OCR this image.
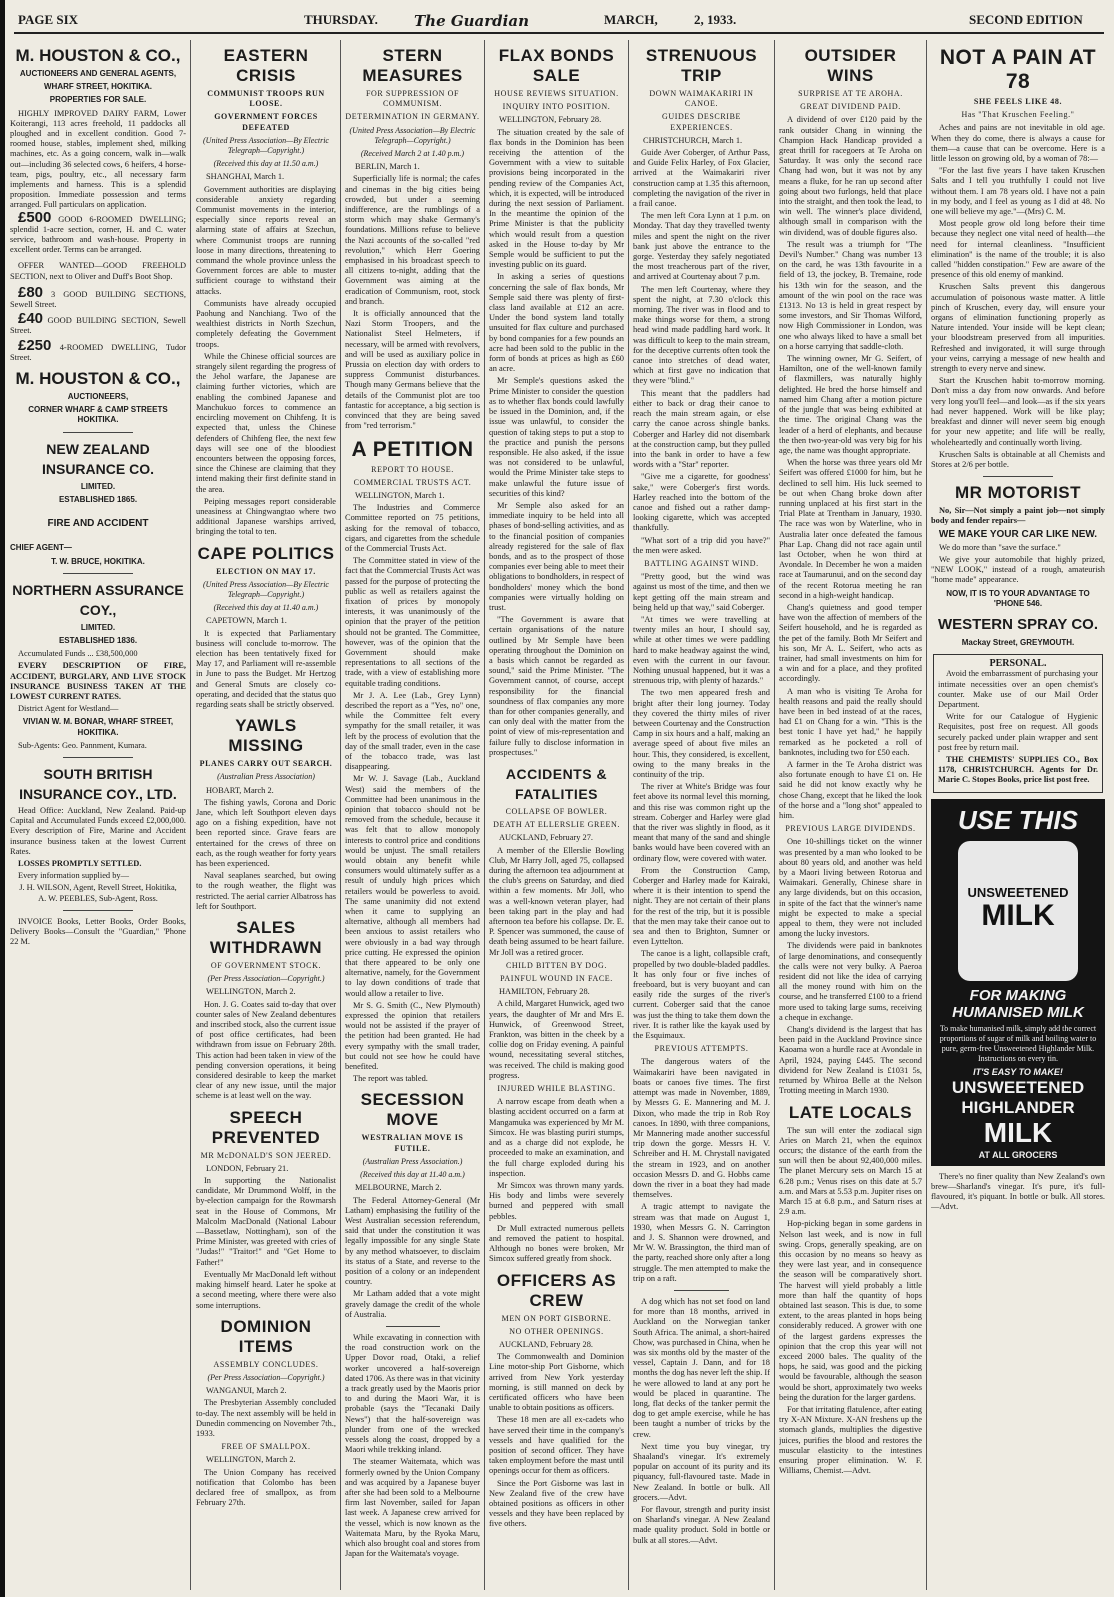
PAGE SIX	THURSDAY. The Guardian	MARCH,	2, 1933.	SECOND EDITION
M. HOUSTON & CO.,
AUCTIONEERS AND GENERAL AGENTS,
WHARF STREET, HOKITIKA.
PROPERTIES FOR SALE.
HIGHLY IMPROVED DAIRY FARM, Lower Koiterangi, 113 acres freehold, 11 paddocks all ploughed and in excellent condition. Good 7-roomed house, stables, implement shed, milking machines, etc. As a going concern, walk in—walk out—including 36 selected cows, 6 heifers, 4 horse-team, pigs, poultry, etc., all necessary farm implements and harness. This is a splendid proposition. Immediate possession and terms arranged. Full particulars on application.
£500 GOOD 6-ROOMED DWELLING; splendid 1-acre section, corner, H. and C. water service, bathroom and wash-house. Property in excellent order. Terms can be arranged.
OFFER WANTED—GOOD FREEHOLD SECTION, next to Oliver and Duff's Boot Shop.
£80 3 GOOD BUILDING SECTIONS, Sewell Street.
£40 GOOD BUILDING SECTION, Sewell Street.
£250 4-ROOMED DWELLING, Tudor Street.
M. HOUSTON & CO.,
AUCTIONEERS,
CORNER WHARF & CAMP STREETS HOKITIKA.
NEW ZEALAND INSURANCE CO.
LIMITED.
ESTABLISHED 1865.
FIRE AND ACCIDENT
CHIEF AGENT—
T. W. BRUCE, HOKITIKA.
NORTHERN ASSURANCE COY.,
LIMITED.
ESTABLISHED 1836.
Accumulated Funds ... £38,500,000
EVERY DESCRIPTION OF FIRE, ACCIDENT, BURGLARY, AND LIVE STOCK INSURANCE BUSINESS TAKEN AT THE LOWEST CURRENT RATES.
District Agent for Westland—
VIVIAN W. M. BONAR, WHARF STREET, HOKITIKA.
Sub-Agents: Geo. Pannment, Kumara.
SOUTH BRITISH INSURANCE COY., LTD.
Head Office: Auckland, New Zealand. Paid-up Capital and Accumulated Funds exceed £2,000,000. Every description of Fire, Marine and Accident insurance business taken at the lowest Current Rates.
LOSSES PROMPTLY SETTLED.
Every information supplied by—
J. H. WILSON, Agent, Revell Street, Hokitika,
A. W. PEEBLES, Sub-Agent, Ross.
INVOICE Books, Letter Books, Order Books, Delivery Books—Consult the "Guardian," 'Phone 22 M.
EASTERN CRISIS
COMMUNIST TROOPS RUN LOOSE.
GOVERNMENT FORCES DEFEATED
(United Press Association—By Electric Telegraph—Copyright.)
(Received this day at 11.50 a.m.)
SHANGHAI, March 1.
Government authorities are displaying considerable anxiety regarding Communist movements in the interior, especially since reports reveal an alarming state of affairs at Szechun, where Communist troops are running loose in many directions, threatening to command the whole province unless the Government forces are able to muster sufficient courage to withstand their attacks.
Communists have already occupied Paohung and Nanchiang. Two of the wealthiest districts in North Szechun, completely defeating the Government troops.
While the Chinese official sources are strangely silent regarding the progress of the Jehol warfare, the Japanese are claiming further victories, which are enabling the combined Japanese and Manchukuo forces to commence an encircling movement on Chihfeng. It is expected that, unless the Chinese defenders of Chihfeng flee, the next few days will see one of the bloodiest encounters between the opposing forces, since the Chinese are claiming that they intend making their first definite stand in the area.
Peiping messages report considerable uneasiness at Chingwangtao where two additional Japanese warships arrived, bringing the total to ten.
CAPE POLITICS
ELECTION ON MAY 17.
(United Press Association—By Electric Telegraph—Copyright.)
(Received this day at 11.40 a.m.)
CAPETOWN, March 1.
It is expected that Parliamentary business will conclude to-morrow. The election has been tentatively fixed for May 17, and Parliament will re-assemble in June to pass the Budget. Mr Hertzog and General Smuts are closely co-operating, and decided that the status quo regarding seats shall be strictly observed.
YAWLS MISSING
PLANES CARRY OUT SEARCH.
(Australian Press Association)
HOBART, March 2.
The fishing yawls, Corona and Doric Jane, which left Southport eleven days ago on a fishing expedition, have not been reported since. Grave fears are entertained for the crews of three on each, as the rough weather for forty years has been experienced.
Naval seaplanes searched, but owing to the rough weather, the flight was restricted. The aerial carrier Albatross has left for Southport.
SALES WITHDRAWN
OF GOVERNMENT STOCK.
(Per Press Association—Copyright.)
WELLINGTON, March 2.
Hon. J. G. Coates said to-day that over counter sales of New Zealand debentures and inscribed stock, also the current issue of post office certificates, had been withdrawn from issue on February 28th. This action had been taken in view of the pending conversion operations, it being considered desirable to keep the market clear of any new issue, until the major scheme is at least well on the way.
SPEECH PREVENTED
MR McDONALD'S SON JEERED.
LONDON, February 21.
In supporting the Nationalist candidate, Mr Drummond Wolff, in the by-election campaign for the Rowmarsh seat in the House of Commons, Mr Malcolm MacDonald (National Labour—Bassetlaw, Nottingham), son of the Prime Minister, was greeted with cries of "Judas!" "Traitor!" and "Get Home to Father!"
Eventually Mr MacDonald left without making himself heard. Later he spoke at a second meeting, where there were also some interruptions.
DOMINION ITEMS
ASSEMBLY CONCLUDES.
(Per Press Association—Copyright.)
WANGANUI, March 2.
The Presbyterian Assembly concluded to-day. The next assembly will be held in Dunedin commencing on November 7th., 1933.
FREE OF SMALLPOX.
WELLINGTON, March 2.
The Union Company has received notification that Colombo has been declared free of smallpox, as from February 27th.
STERN MEASURES
FOR SUPPRESSION OF COMMUNISM.
DETERMINATION IN GERMANY.
(United Press Association—By Electric Telegraph—Copyright.)
(Received March 2 at 1.40 p.m.)
BERLIN, March 1.
Superficially life is normal; the cafes and cinemas in the big cities being crowded, but under a seeming indifference, are the rumblings of a storm which may shake Germany's foundations. Millions refuse to believe the Nazi accounts of the so-called "red revolution," which Herr Goering emphasised in his broadcast speech to all citizens to-night, adding that the Government was aiming at the eradication of Communism, root, stock and branch.
It is officially announced that the Nazi Storm Troopers, and the Nationalist Steel Helmeters, if necessary, will be armed with revolvers, and will be used as auxiliary police in Prussia on election day with orders to suppress Communist disturbances. Though many Germans believe that the details of the Communist plot are too fantastic for acceptance, a big section is convinced that they are being saved from "red terrorism."
A PETITION
REPORT TO HOUSE.
COMMERCIAL TRUSTS ACT.
WELLINGTON, March 1.
The Industries and Commerce Committee reported on 75 petitions, asking for the removal of tobacco, cigars, and cigarettes from the schedule of the Commercial Trusts Act.
The Committee stated in view of the fact that the Commercial Trusts Act was passed for the purpose of protecting the public as well as retailers against the fixation of prices by monopoly interests, it was unanimously of the opinion that the prayer of the petition should not be granted. The Committee, however, was of the opinion that the Government should make representations to all sections of the trade, with a view of establishing more equitable trading conditions.
Mr J. A. Lee (Lab., Grey Lynn) described the report as a "Yes, no" one, while the Committee felt every sympathy for the small retailer, it was left by the process of evolution that the day of the small trader, even in the case of the tobacco trade, was last disappearing.
Mr W. J. Savage (Lab., Auckland West) said the members of the Committee had been unanimous in the opinion that tobacco should not be removed from the schedule, because it was felt that to allow monopoly interests to control price and conditions would be unjust. The small retailers would obtain any benefit while consumers would ultimately suffer as a result of unduly high prices which retailers would be powerless to avoid. The same unanimity did not extend when it came to supplying an alternative, although all members had been anxious to assist retailers who were obviously in a bad way through price cutting. He expressed the opinion that there appeared to be only one alternative, namely, for the Government to lay down conditions of trade that would allow a retailer to live.
Mr S. G. Smith (C., New Plymouth) expressed the opinion that retailers would not be assisted if the prayer of the petition had been granted. He had every sympathy with the small trader, but could not see how he could have benefited.
The report was tabled.
SECESSION MOVE
WESTRALIAN MOVE IS FUTILE.
(Australian Press Association.)
(Received this day at 11.40 a.m.)
MELBOURNE, March 2.
The Federal Attorney-General (Mr Latham) emphasising the futility of the West Australian secession referendum, said that under the constitution it was legally impossible for any single State by any method whatsoever, to disclaim its status of a State, and reverse to the position of a colony or an independent country.
Mr Latham added that a vote might gravely damage the credit of the whole of Australia.
While excavating in connection with the road construction work on the Upper Dovor road, Otaki, a relief worker uncovered a half-sovereign dated 1706. As there was in that vicinity a track greatly used by the Maoris prior to and during the Maori War, it is probable (says the "Tecanaki Daily News") that the half-sovereign was plunder from one of the wrecked vessels along the coast, dropped by a Maori while trekking inland.
The steamer Waitemata, which was formerly owned by the Union Company and was acquired by a Japanese buyer after she had been sold to a Melbourne firm last November, sailed for Japan last week. A Japanese crew arrived for the vessel, which is now known as the Waitemata Maru, by the Ryoka Maru, which also brought coal and stores from Japan for the Waitemata's voyage.
FLAX BONDS SALE
HOUSE REVIEWS SITUATION.
INQUIRY INTO POSITION.
WELLINGTON, February 28.
The situation created by the sale of flax bonds in the Dominion has been receiving the attention of the Government with a view to suitable provisions being incorporated in the pending review of the Companies Act, which, it is expected, will be introduced during the next session of Parliament. In the meantime the opinion of the Prime Minister is that the publicity which would result from a question asked in the House to-day by Mr Semple would be sufficient to put the investing public on its guard.
In asking a series of questions concerning the sale of flax bonds, Mr Semple said there was plenty of first-class land available at £12 an acre. Under the bond system land totally unsuited for flax culture and purchased by bond companies for a few pounds an acre had been sold to the public in the form of bonds at prices as high as £60 an acre.
Mr Semple's questions asked the Prime Minister to consider the question as to whether flax bonds could lawfully be issued in the Dominion, and, if the issue was unlawful, to consider the question of taking steps to put a stop to the practice and punish the persons responsible. He also asked, if the issue was not considered to be unlawful, would the Prime Minister take steps to make unlawful the future issue of securities of this kind?
Mr Semple also asked for an immediate inquiry to be held into all phases of bond-selling activities, and as to the financial position of companies already registered for the sale of flax bonds, and as to the prospect of those companies ever being able to meet their obligations to bondholders, in respect of bondholders' money which the bond companies were virtually holding on trust.
"The Government is aware that certain organisations of the nature outlined by Mr Semple have been operating throughout the Dominion on a basis which cannot be regarded as sound," said the Prime Minister. "The Government cannot, of course, accept responsibility for the financial soundness of flax companies any more than for other companies generally, and can only deal with the matter from the point of view of mis-representation and failure fully to disclose information in prospectuses."
ACCIDENTS & FATALITIES
COLLAPSE OF BOWLER.
DEATH AT ELLERSLIE GREEN.
AUCKLAND, February 27.
A member of the Ellerslie Bowling Club, Mr Harry Joll, aged 75, collapsed during the afternoon tea adjournment at the club's greens on Saturday, and died within a few moments. Mr Joll, who was a well-known veteran player, had been taking part in the play and had afternoon tea before his collapse. Dr. E. P. Spencer was summoned, the cause of death being assumed to be heart failure. Mr Joll was a retired grocer.
CHILD BITTEN BY DOG.
PAINFUL WOUND IN FACE.
HAMILTON, February 28.
A child, Margaret Hunwick, aged two years, the daughter of Mr and Mrs E. Hunwick, of Greenwood Street, Frankton, was bitten in the cheek by a collie dog on Friday evening. A painful wound, necessitating several stitches, was received. The child is making good progress.
INJURED WHILE BLASTING.
A narrow escape from death when a blasting accident occurred on a farm at Mangamuka was experienced by Mr M. Simcox. He was blasting puriri stumps, and as a charge did not explode, he proceeded to make an examination, and the full charge exploded during his inspection.
Mr Simcox was thrown many yards. His body and limbs were severely burned and peppered with small pebbles.
Dr Mull extracted numerous pellets and removed the patient to hospital. Although no bones were broken, Mr Simcox suffered greatly from shock.
OFFICERS AS CREW
MEN ON PORT GISBORNE.
NO OTHER OPENINGS.
AUCKLAND, February 28.
The Commonwealth and Dominion Line motor-ship Port Gisborne, which arrived from New York yesterday morning, is still manned on deck by certificated officers who have been unable to obtain positions as officers.
These 18 men are all ex-cadets who have served their time in the company's vessels and have qualified for the position of second officer. They have taken employment before the mast until openings occur for them as officers.
Since the Port Gisborne was last in New Zealand five of the crew have obtained positions as officers in other vessels and they have been replaced by five others.
STRENUOUS TRIP
DOWN WAIMAKARIRI IN CANOE.
GUIDES DESCRIBE EXPERIENCES.
CHRISTCHURCH, March 1.
Guide Aver Coberger, of Arthur Pass, and Guide Felix Harley, of Fox Glacier, arrived at the Waimakariri river construction camp at 1.35 this afternoon, completing the navigation of the river in a frail canoe.
The men left Cora Lynn at 1 p.m. on Monday. That day they travelled twenty miles and spent the night on the river bank just above the entrance to the gorge. Yesterday they safely negotiated the most treacherous part of the river, and arrived at Courtenay about 7 p.m.
The men left Courtenay, where they spent the night, at 7.30 o'clock this morning. The river was in flood and to make things worse for them, a strong head wind made paddling hard work. It was difficult to keep to the main stream, for the deceptive currents often took the canoe into stretches of dead water, which at first gave no indication that they were "blind."
This meant that the paddlers had either to back or drag their canoe to reach the main stream again, or else carry the canoe across shingle banks. Coberger and Harley did not disembark at the construction camp, but they pulled into the bank in order to have a few words with a "Star" reporter.
"Give me a cigarette, for goodness' sake," were Coberger's first words. Harley reached into the bottom of the canoe and fished out a rather damp-looking cigarette, which was accepted thankfully.
"What sort of a trip did you have?" the men were asked.
BATTLING AGAINST WIND.
"Pretty good, but the wind was against us most of the time, and then we kept getting off the main stream and being held up that way," said Coberger.
"At times we were travelling at twenty miles an hour, I should say, while at other times we were paddling hard to make headway against the wind, even with the current in our favour. Nothing unusual happened, but it was a strenuous trip, with plenty of hazards."
The two men appeared fresh and bright after their long journey. Today they covered the thirty miles of river between Courtenay and the Construction Camp in six hours and a half, making an average speed of about five miles an hour. This, they considered, is excellent, owing to the many breaks in the continuity of the trip.
The river at White's Bridge was four feet above its normal level this morning, and this rise was common right up the stream. Coberger and Harley were glad that the river was slightly in flood, as it meant that many of the sand and shingle banks would have been covered with an ordinary flow, were covered with water.
From the Construction Camp, Coberger and Harley made for Kairaki, where it is their intention to spend the night. They are not certain of their plans for the rest of the trip, but it is possible that the men may take their canoe out to sea and then to Brighton, Sumner or even Lyttelton.
The canoe is a light, collapsible craft, propelled by two double-bladed paddles. It has only four or five inches of freeboard, but is very buoyant and can easily ride the surges of the river's current. Coberger said that the canoe was just the thing to take them down the river. It is rather like the kayak used by the Esquimaux.
PREVIOUS ATTEMPTS.
The dangerous waters of the Waimakariri have been navigated in boats or canoes five times. The first attempt was made in November, 1889, by Messrs G. E. Mannering and M. J. Dixon, who made the trip in Rob Roy canoes. In 1890, with three companions, Mr Mannering made another successful trip down the gorge. Messrs H. V. Schreiber and H. M. Chrystall navigated the stream in 1923, and on another occasion Messrs D. and G. Hobbs came down the river in a boat they had made themselves.
A tragic attempt to navigate the stream was that made on August 1, 1930, when Messrs G. N. Carrington and J. S. Shannon were drowned, and Mr W. W. Brassington, the third man of the party, reached shore only after a long struggle. The men attempted to make the trip on a raft.
A dog which has not set food on land for more than 18 months, arrived in Auckland on the Norwegian tanker South Africa. The animal, a short-haired Chow, was purchased in China, when he was six months old by the master of the vessel, Captain J. Dann, and for 18 months the dog has never left the ship. If he were allowed to land at any port he would be placed in quarantine. The long, flat decks of the tanker permit the dog to get ample exercise, while he has been taught a number of tricks by the crew.
Next time you buy vinegar, try Shaaland's vinegar. It's extremely popular on account of its purity and its piquancy, full-flavoured taste. Made in New Zealand. In bottle or bulk. All grocers.—Advt.
For flavour, strength and purity insist on Sharland's vinegar. A New Zealand made quality product. Sold in bottle or bulk at all stores.—Advt.
OUTSIDER WINS
SURPRISE AT TE AROHA.
GREAT DIVIDEND PAID.
A dividend of over £120 paid by the rank outsider Chang in winning the Champion Hack Handicap provided a great thrill for racegoers at Te Aroha on Saturday. It was only the second race Chang had won, but it was not by any means a fluke, for he ran up second after going about two furlongs, held that place into the straight, and then took the lead, to win well. The winner's place dividend, although small in comparison with the win dividend, was of double figures also.
The result was a triumph for "The Devil's Number." Chang was number 13 on the card, he was 13th favourite in a field of 13, the jockey, B. Tremaine, rode his 13th win for the season, and the amount of the win pool on the race was £1313. No 13 is held in great respect by some investors, and Sir Thomas Wilford, now High Commissioner in London, was one who always liked to have a small bet on a horse carrying that saddle-cloth.
The winning owner, Mr G. Seifert, of Hamilton, one of the well-known family of flaxmillers, was naturally highly delighted. He bred the horse himself and named him Chang after a motion picture of the jungle that was being exhibited at the time. The original Chang was the leader of a herd of elephants, and because the then two-year-old was very big for his age, the name was thought appropriate.
When the horse was three years old Mr Seifert was offered £1000 for him, but he declined to sell him. His luck seemed to be out when Chang broke down after running unplaced at his first start in the Trial Plate at Trentham in January, 1930. The race was won by Waterline, who in Australia later once defeated the famous Phar Lap. Chang did not race again until last October, when he won third at Avondale. In December he won a maiden race at Taumarunui, and on the second day of the recent Rotorua meeting he ran second in a high-weight handicap.
Chang's quietness and good temper have won the affection of members of the Seifert household, and he is regarded as the pet of the family. Both Mr Seifert and his son, Mr A. L. Seifert, who acts as trainer, had small investments on him for a win and for a place, and they profited accordingly.
A man who is visiting Te Aroha for health reasons and paid the really should have been in bed instead of at the races, had £1 on Chang for a win. "This is the best tonic I have yet had," he happily remarked as he pocketed a roll of banknotes, including two for £50 each.
A farmer in the Te Aroha district was also fortunate enough to have £1 on. He said he did not know exactly why he chose Chang, except that he liked the look of the horse and a "long shot" appealed to him.
PREVIOUS LARGE DIVIDENDS.
One 10-shillings ticket on the winner was presented by a man who looked to be about 80 years old, and another was held by a Maori living between Rotorua and Waimakari. Generally, Chinese share in any large dividends, but on this occasion, in spite of the fact that the winner's name might be expected to make a special appeal to them, they were not included among the lucky investors.
The dividends were paid in banknotes of large denominations, and consequently the calls were not very bulky. A Paeroa resident did not like the idea of carrying all the money round with him on the course, and he transferred £100 to a friend more used to taking large sums, receiving a cheque in exchange.
Chang's dividend is the largest that has been paid in the Auckland Province since Kaoama won a hurdle race at Avondale in April, 1924, paying £445. The second dividend for New Zealand is £1031 5s, returned by Whiroa Belle at the Nelson Trotting meeting in March 1930.
LATE LOCALS
The sun will enter the zodiacal sign Aries on March 21, when the equinox occurs; the distance of the earth from the sun will then be about 92,400,000 miles. The planet Mercury sets on March 15 at 6.28 p.m.; Venus rises on this date at 5.7 a.m. and Mars at 5.53 p.m. Jupiter rises on March 15 at 6.8 p.m., and Saturn rises at 2.9 a.m.
Hop-picking began in some gardens in Nelson last week, and is now in full swing. Crops, generally speaking, are on this occasion by no means so heavy as they were last year, and in consequence the season will be comparatively short. The harvest will yield probably a little more than half the quantity of hops obtained last season. This is due, to some extent, to the areas planted in hops being considerably reduced. A grower with one of the largest gardens expresses the opinion that the crop this year will not exceed 2000 bales. The quality of the hops, he said, was good and the picking would be favourable, although the season would be short, approximately two weeks being the duration for the larger gardens.
For that irritating flatulence, after eating try X-AN Mixture. X-AN freshens up the stomach glands, multiplies the digestive juices, purifies the blood and restores the muscular elasticity to the intestines ensuring proper elimination. W. F. Williams, Chemist.—Advt.
NOT A PAIN AT 78
SHE FEELS LIKE 48.
Has "That Kruschen Feeling."
Aches and pains are not inevitable in old age. When they do come, there is always a cause for them—a cause that can be overcome. Here is a little lesson on growing old, by a woman of 78:—
"For the last five years I have taken Kruschen Salts and I tell you truthfully I could not live without them. I am 78 years old. I have not a pain in my body, and I feel as young as I did at 48. No one will believe my age."—(Mrs) C. M.
Most people grow old long before their time because they neglect one vital need of health—the need for internal cleanliness. "Insufficient elimination" is the name of the trouble; it is also called "hidden constipation." Few are aware of the presence of this old enemy of mankind.
Kruschen Salts prevent this dangerous accumulation of poisonous waste matter. A little pinch of Kruschen, every day, will ensure your organs of elimination functioning properly as Nature intended. Your inside will be kept clean; your bloodstream preserved from all impurities. Refreshed and invigorated, it will surge through your veins, carrying a message of new health and strength to every nerve and sinew.
Start the Kruschen habit to-morrow morning. Don't miss a day from now onwards. And before very long you'll feel—and look—as if the six years had never happened. Work will be like play; breakfast and dinner will never seem big enough for your new appetite; and life will be really, wholeheartedly and continually worth living.
Kruschen Salts is obtainable at all Chemists and Stores at 2/6 per bottle.
MR MOTORIST
No, Sir—Not simply a paint job—not simply body and fender repairs—
WE MAKE YOUR CAR LIKE NEW.
We do more than "save the surface."
We give your automobile that highly prized, "NEW LOOK," instead of a rough, amateurish "home made" appearance.
NOW, IT IS TO YOUR ADVANTAGE TO 'PHONE 546.
WESTERN SPRAY CO.
Mackay Street, GREYMOUTH.
PERSONAL.
Avoid the embarrassment of purchasing your intimate necessities over an open chemist's counter. Make use of our Mail Order Department.
Write for our Catalogue of Hygienic Requisites, post free on request. All goods securely packed under plain wrapper and sent post free by return mail.
THE CHEMISTS' SUPPLIES CO., Box 1178, CHRISTCHURCH. Agents for Dr. Marie C. Stopes Books, price list post free.
USE THIS
UNSWEETENED
MILK
FOR MAKING HUMANISED MILK
To make humanised milk, simply add the correct proportions of sugar of milk and boiling water to pure, germ-free Unsweetened Highlander Milk. Instructions on every tin.
IT'S EASY TO MAKE!
UNSWEETENED
HIGHLANDER
MILK
AT ALL GROCERS
There's no finer quality than New Zealand's own brew—Sharland's vinegar. It's pure, it's full-flavoured, it's piquant. In bottle or bulk. All stores.—Advt.
